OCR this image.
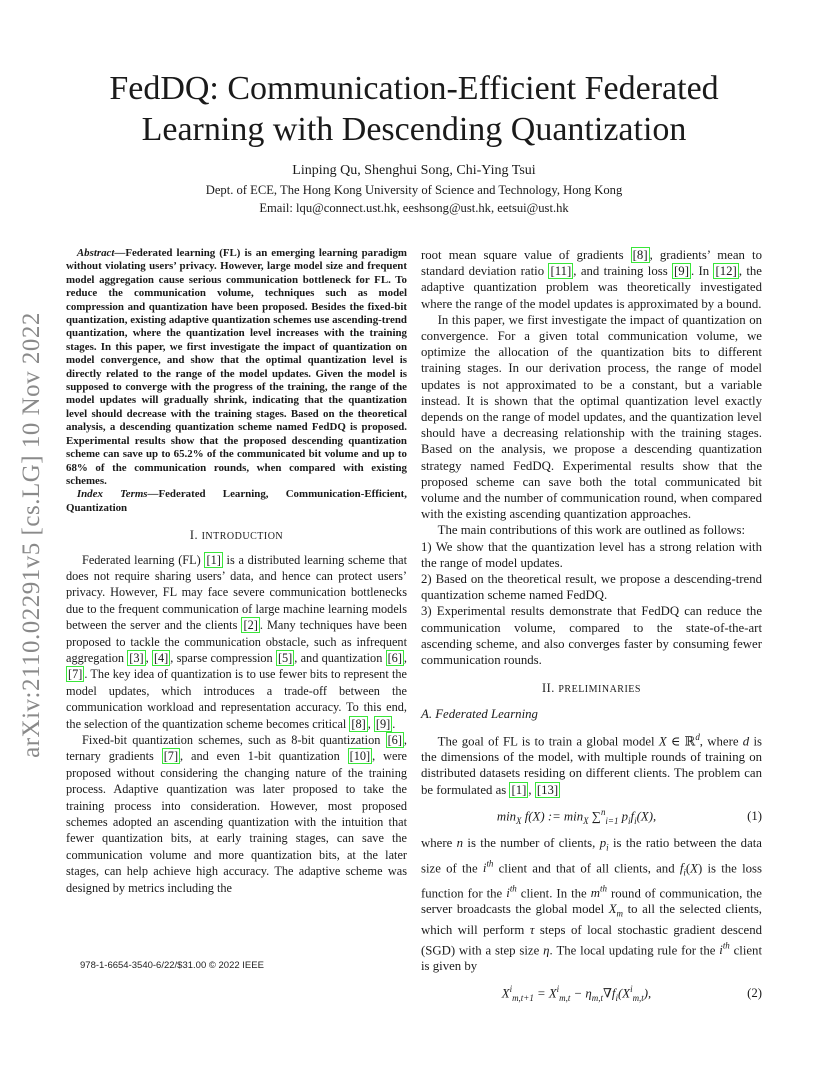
arXiv:2110.02291v5 [cs.LG] 10 Nov 2022
FedDQ: Communication-Efficient Federated
Learning with Descending Quantization
Linping Qu, Shenghui Song, Chi-Ying Tsui
Dept. of ECE, The Hong Kong University of Science and Technology, Hong Kong
Email: lqu@connect.ust.hk, eeshsong@ust.hk, eetsui@ust.hk

Abstract—Federated learning (FL) is an emerging learning paradigm without violating users’ privacy. However, large model size and frequent model aggregation cause serious communication bottleneck for FL. To reduce the communication volume, techniques such as model compression and quantization have been proposed. Besides the fixed-bit quantization, existing adaptive quantization schemes use ascending-trend quantization, where the quantization level increases with the training stages. In this paper, we first investigate the impact of quantization on model convergence, and show that the optimal quantization level is directly related to the range of the model updates. Given the model is supposed to converge with the progress of the training, the range of the model updates will gradually shrink, indicating that the quantization level should decrease with the training stages. Based on the theoretical analysis, a descending quantization scheme named FedDQ is proposed. Experimental results show that the proposed descending quantization scheme can save up to 65.2% of the communicated bit volume and up to 68% of the communication rounds, when compared with existing schemes.

Index Terms—Federated Learning, Communication-Efficient, Quantization

I. INTRODUCTION

Federated learning (FL) [1] is a distributed learning scheme that does not require sharing users’ data, and hence can protect users’ privacy. However, FL may face severe communication bottlenecks due to the frequent communication of large machine learning models between the server and the clients [2] . Many techniques have been proposed to tackle the communication obstacle, such as infrequent aggregation [3] , [4] , sparse compression [5] , and quantization [6] , [7] . The key idea of quantization is to use fewer bits to represent the model updates, which introduces a trade-off between the communication workload and representation accuracy. To this end, the selection of the quantization scheme becomes critical [8] , [9] .

Fixed-bit quantization schemes, such as 8-bit quantization [6] , ternary gradients [7] , and even 1-bit quantization [10] , were proposed without considering the changing nature of the training process. Adaptive quantization was later proposed to take the training process into consideration. However, most proposed schemes adopted an ascending quantization with the intuition that fewer quantization bits, at early training stages, can save the communication volume and more quantization bits, at the later stages, can help achieve high accuracy. The adaptive scheme was designed by metrics including the

root mean square value of gradients [8] , gradients’ mean to standard deviation ratio [11] , and training loss [9] . In [12] , the adaptive quantization problem was theoretically investigated where the range of the model updates is approximated by a bound.

In this paper, we first investigate the impact of quantization on convergence. For a given total communication volume, we optimize the allocation of the quantization bits to different training stages. In our derivation process, the range of model updates is not approximated to be a constant, but a variable instead. It is shown that the optimal quantization level exactly depends on the range of model updates, and the quantization level should have a decreasing relationship with the training stages. Based on the analysis, we propose a descending quantization strategy named FedDQ. Experimental results show that the proposed scheme can save both the total communicated bit volume and the number of communication round, when compared with the existing ascending quantization approaches.

The main contributions of this work are outlined as follows:

1) We show that the quantization level has a strong relation with the range of model updates.

2) Based on the theoretical result, we propose a descending-trend quantization scheme named FedDQ.

3) Experimental results demonstrate that FedDQ can reduce the communication volume, compared to the state-of-the-art ascending scheme, and also converges faster by consuming fewer communication rounds.

II. PRELIMINARIES
A. Federated Learning

The goal of FL is to train a global model X ∈ ℝ$^d$, where d is the dimensions of the model, with multiple rounds of training on distributed datasets residing on different clients. The problem can be formulated as [1] , [13]

$\min_X f(X)$ := $\min_X \sum^n_{i=1}$ $p_if_i(X)$,	(1)

where n is the number of clients, $p_i$ is the ratio between the data size of the $i^{th}$ client and that of all clients, and $f_i(X)$ is the loss function for the $i^{th}$ client. In the $m^{th}$ round of communication, the server broadcasts the global model $X_m$ to all the selected clients, which will perform τ steps of local stochastic gradient descend (SGD) with a step size η. The local updating rule for the $i^{th}$ client is given by

$X^i_{m,t+1} = X^i_{m,t} - \eta_{m,t}\nabla f_i(X^i_{m,t})$,	(2)
978-1-6654-3540-6/22/$31.00 © 2022 IEEE
